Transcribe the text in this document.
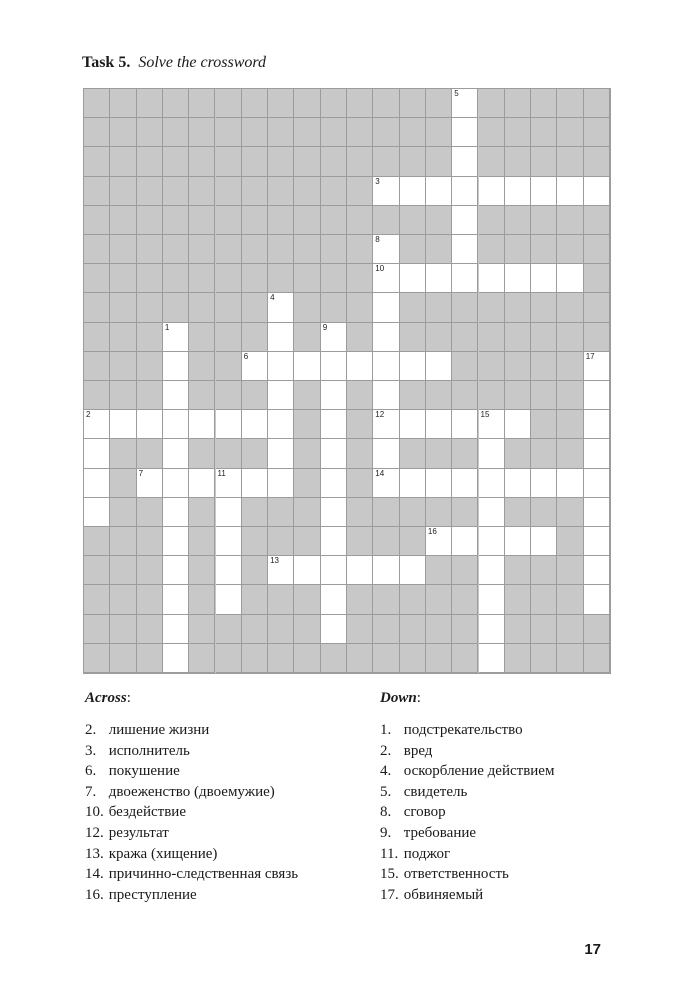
Task 5. Solve the crossword
5
3
8
10
4
1	9
6	17
2	12	15
7	11	14
16
13
Across:
2. лишение жизни
3. исполнитель
6. покушение
7. двоеженство (двоемужие)
10. бездействие
12. результат
13. кража (хищение)
14. причинно-следственная связь
16. преступление
Down:
1. подстрекательство
2. вред
4. оскорбление действием
5. свидетель
8. сговор
9. требование
11. поджог
15. ответственность
17. обвиняемый
17
